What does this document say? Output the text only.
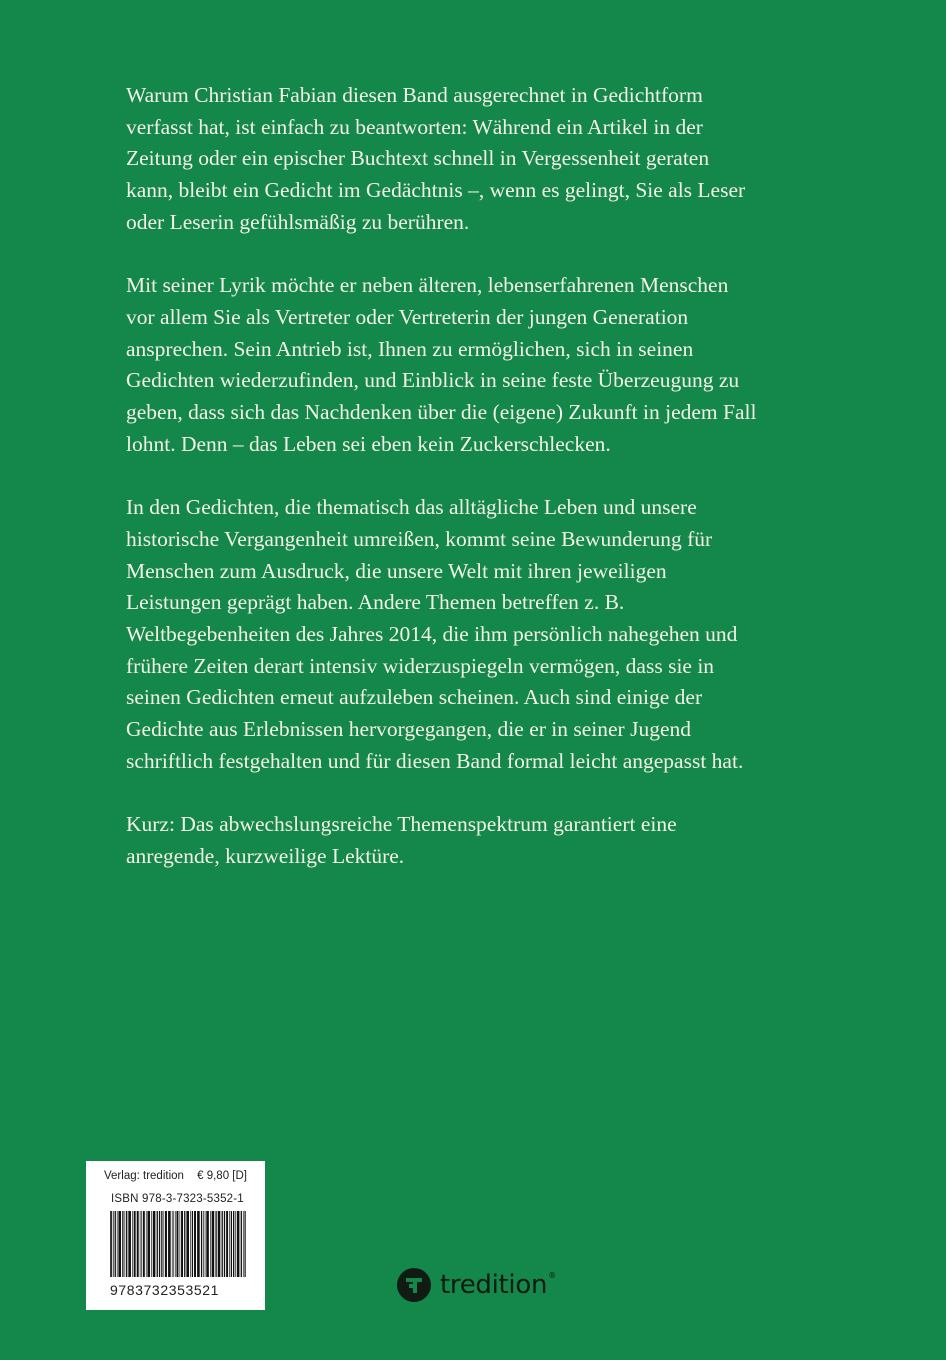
Warum Christian Fabian diesen Band ausgerechnet in Gedichtform
verfasst hat, ist einfach zu beantworten: Während ein Artikel in der
Zeitung oder ein epischer Buchtext schnell in Vergessenheit geraten
kann, bleibt ein Gedicht im Gedächtnis –, wenn es gelingt, Sie als Leser
oder Leserin gefühlsmäßig zu berühren.

Mit seiner Lyrik möchte er neben älteren, lebenserfahrenen Menschen
vor allem Sie als Vertreter oder Vertreterin der jungen Generation
ansprechen. Sein Antrieb ist, Ihnen zu ermöglichen, sich in seinen
Gedichten wiederzufinden, und Einblick in seine feste Überzeugung zu
geben, dass sich das Nachdenken über die (eigene) Zukunft in jedem Fall
lohnt. Denn – das Leben sei eben kein Zuckerschlecken.

In den Gedichten, die thematisch das alltägliche Leben und unsere
historische Vergangenheit umreißen, kommt seine Bewunderung für
Menschen zum Ausdruck, die unsere Welt mit ihren jeweiligen
Leistungen geprägt haben. Andere Themen betreffen z. B.
Weltbegebenheiten des Jahres 2014, die ihm persönlich nahegehen und
frühere Zeiten derart intensiv widerzuspiegeln vermögen, dass sie in
seinen Gedichten erneut aufzuleben scheinen. Auch sind einige der
Gedichte aus Erlebnissen hervorgegangen, die er in seiner Jugend
schriftlich festgehalten und für diesen Band formal leicht angepasst hat.

Kurz: Das abwechslungsreiche Themenspektrum garantiert eine
anregende, kurzweilige Lektüre.

Verlag: tredition € 9,80 [D]
ISBN 978-3-7323-5352-1
9783732353521	tredition ®
